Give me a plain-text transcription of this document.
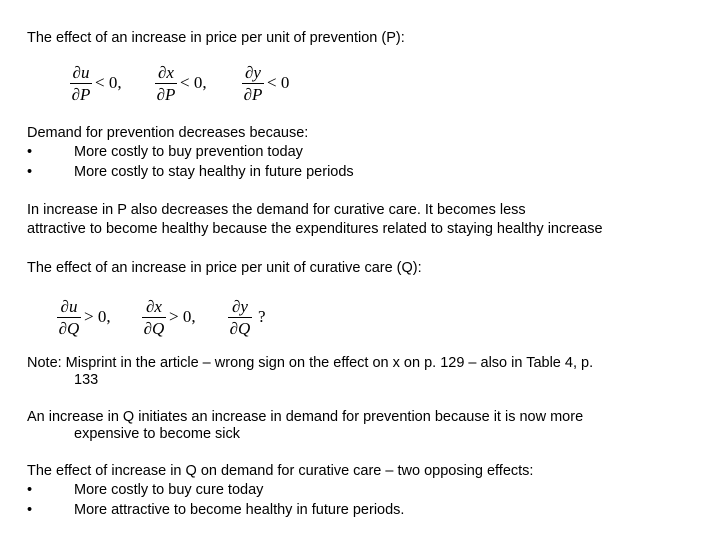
The effect of an increase in price per unit of prevention (P):

∂u
∂P
< 0,
∂x
∂P
< 0,
∂y
∂P
< 0

Demand for prevention decreases because:

•	More costly to buy prevention today
•	More costly to stay healthy in future periods

In increase in P also decreases the demand for curative care. It becomes less

attractive to become healthy because the expenditures related to staying healthy increase

The effect of an increase in price per unit of curative care (Q):

∂u
∂Q
> 0,
∂x
∂Q
> 0,
∂y
∂Q
?
Note: Misprint in the article – wrong sign on the effect on x on p. 129 – also in Table 4, p.
133
An increase in Q initiates an increase in demand for prevention because it is now more
expensive to become sick

The effect of increase in Q on demand for curative care – two opposing effects:

•	More costly to buy cure today
•	More attractive to become healthy in future periods.
